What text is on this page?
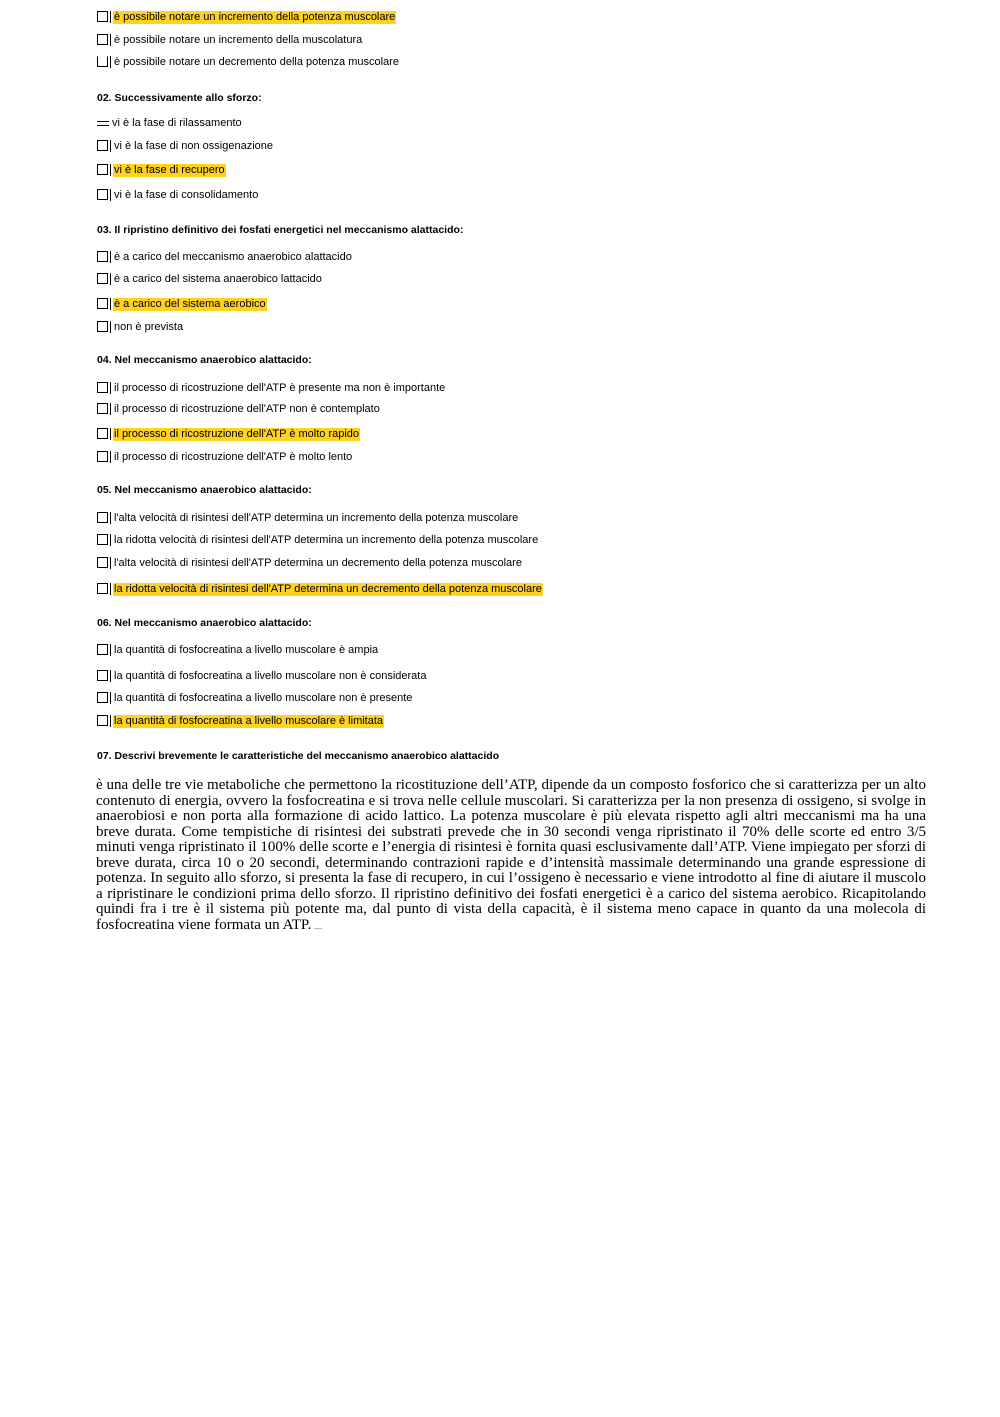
è possibile notare un incremento della potenza muscolare
è possibile notare un incremento della muscolatura
è possibile notare un decremento della potenza muscolare
02. Successivamente allo sforzo:
vi è la fase di rilassamento
vi è la fase di non ossigenazione
vi è la fase di recupero
vi è la fase di consolidamento
03. Il ripristino definitivo dei fosfati energetici nel meccanismo alattacido:
è a carico del meccanismo anaerobico alattacido
è a carico del sistema anaerobico lattacido
è a carico del sistema aerobico
non è prevista
04. Nel meccanismo anaerobico alattacido:
il processo di ricostruzione dell'ATP è presente ma non è importante
il processo di ricostruzione dell'ATP non è contemplato
il processo di ricostruzione dell'ATP è molto rapido
il processo di ricostruzione dell'ATP è molto lento
05. Nel meccanismo anaerobico alattacido:
l'alta velocità di risintesi dell'ATP determina un incremento della potenza muscolare
la ridotta velocità di risintesi dell'ATP determina un incremento della potenza muscolare
l'alta velocità di risintesi dell'ATP determina un decremento della potenza muscolare
la ridotta velocità di risintesi dell'ATP determina un decremento della potenza muscolare
06. Nel meccanismo anaerobico alattacido:
la quantità di fosfocreatina a livello muscolare è ampia
la quantità di fosfocreatina a livello muscolare non è considerata
la quantità di fosfocreatina a livello muscolare non è presente
la quantità di fosfocreatina a livello muscolare è limitata
07. Descrivi brevemente le caratteristiche del meccanismo anaerobico alattacido

è una delle tre vie metaboliche che permettono la ricostituzione dell’ATP, dipende da un composto fosforico che si caratterizza per un alto contenuto di energia, ovvero la fosfocreatina e si trova nelle cellule muscolari. Si caratterizza per la non presenza di ossigeno, si svolge in anaerobiosi e non porta alla formazione di acido lattico. La potenza muscolare è più elevata rispetto agli altri meccanismi ma ha una breve durata. Come tempistiche di risintesi dei substrati prevede che in 30 secondi venga ripristinato il 70% delle scorte ed entro 3/5 minuti venga ripristinato il 100% delle scorte e l’energia di risintesi è fornita quasi esclusivamente dall’ATP. Viene impiegato per sforzi di breve durata, circa 10 o 20 secondi, determinando contrazioni rapide e d’intensità massimale determinando una grande espressione di potenza. In seguito allo sforzo, si presenta la fase di recupero, in cui l’ossigeno è necessario e viene introdotto al fine di aiutare il muscolo a ripristinare le condizioni prima dello sforzo. Il ripristino definitivo dei fosfati energetici è a carico del sistema aerobico. Ricapitolando quindi fra i tre è il sistema più potente ma, dal punto di vista della capacità, è il sistema meno capace in quanto da una molecola di fosfocreatina viene formata un ATP.
